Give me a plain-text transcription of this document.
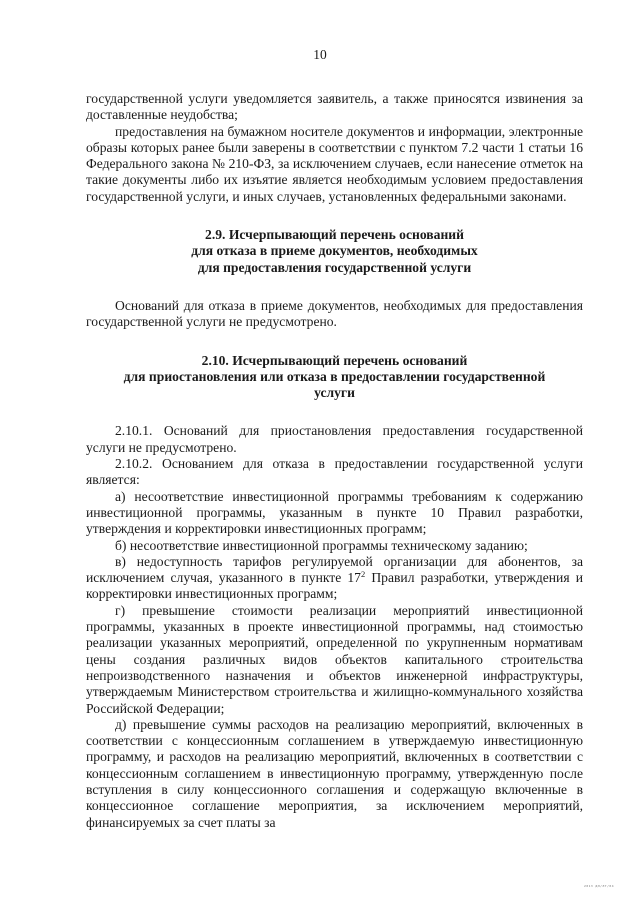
10

государственной услуги уведомляется заявитель, а также приносятся извинения за доставленные неудобства;

предоставления на бумажном носителе документов и информации, электронные образы которых ранее были заверены в соответствии с пунктом 7.2 части 1 статьи 16 Федерального закона № 210-ФЗ, за исключением случаев, если нанесение отметок на такие документы либо их изъятие является необходимым условием предоставления государственной услуги, и иных случаев, установленных федеральными законами.

2.9. Исчерпывающий перечень оснований

для отказа в приеме документов, необходимых

для предоставления государственной услуги

Оснований для отказа в приеме документов, необходимых для предоставления государственной услуги не предусмотрено.

2.10. Исчерпывающий перечень оснований

для приостановления или отказа в предоставлении государственной

услуги

2.10.1. Оснований для приостановления предоставления государственной услуги не предусмотрено.

2.10.2. Основанием для отказа в предоставлении государственной услуги является:

а) несоответствие инвестиционной программы требованиям к содержанию инвестиционной программы, указанным в пункте 10 Правил разработки, утверждения и корректировки инвестиционных программ;

б) несоответствие инвестиционной программы техническому заданию;

в) недоступность тарифов регулируемой организации для абонентов, за исключением случая, указанного в пункте $17^2$ Правил разработки, утверждения и корректировки инвестиционных программ;

г) превышение стоимости реализации мероприятий инвестиционной программы, указанных в проекте инвестиционной программы, над стоимостью реализации указанных мероприятий, определенной по укрупненным нормативам цены создания различных видов объектов капитального строительства непроизводственного назначения и объектов инженерной инфраструктуры, утверждаемым Министерством строительства и жилищно-коммунального хозяйства Российской Федерации;

д) превышение суммы расходов на реализацию мероприятий, включенных в соответствии с концессионным соглашением в утверждаемую инвестиционную программу, и расходов на реализацию мероприятий, включенных в соответствии с концессионным соглашением в инвестиционную программу, утвержденную после вступления в силу концессионного соглашения и содержащую включенные в концессионное соглашение мероприятия, за исключением мероприятий, финансируемых за счет платы за

2013 ДЛ/ЛГ/04
